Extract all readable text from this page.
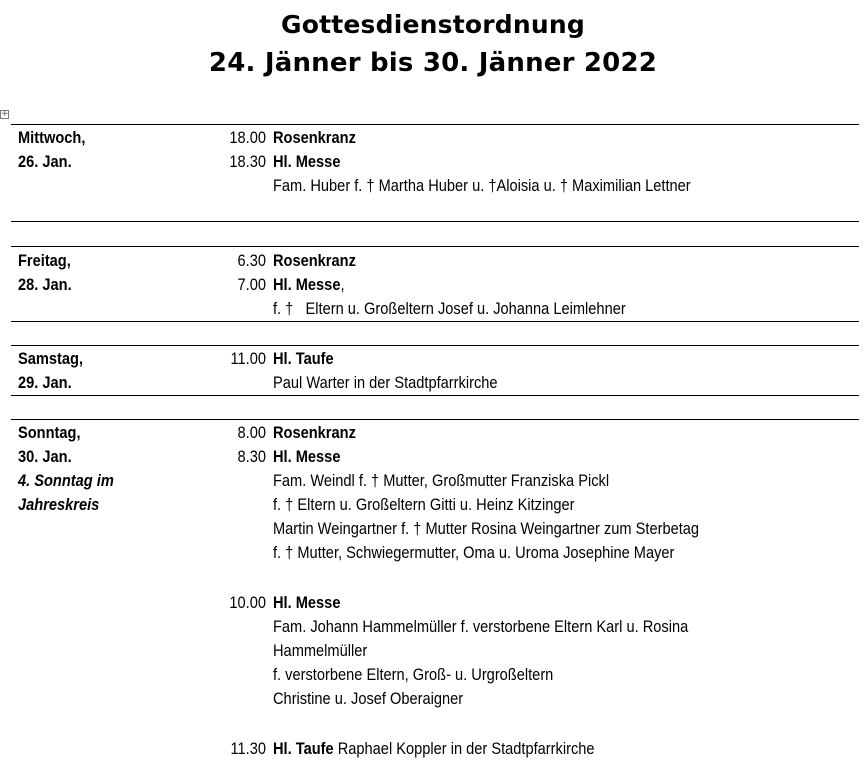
Gottesdienstordnung
24. Jänner bis 30. Jänner 2022
+
Mittwoch,
26. Jan.
18.00 Rosenkranz
18.30 Hl. Messe
Fam. Huber f. † Martha Huber u. †Aloisia u. † Maximilian Lettner
Freitag,
28. Jan.
6.30 Rosenkranz
7.00 Hl. Messe,
f. †   Eltern u. Großeltern Josef u. Johanna Leimlehner
Samstag,
29. Jan.
11.00 Hl. Taufe
Paul Warter in der Stadtpfarrkirche
Sonntag,
30. Jan.
4. Sonntag im
Jahreskreis
8.00 Rosenkranz
8.30 Hl. Messe
Fam. Weindl f. † Mutter, Großmutter Franziska Pickl
f. † Eltern u. Großeltern Gitti u. Heinz Kitzinger
Martin Weingartner f. † Mutter Rosina Weingartner zum Sterbetag
f. † Mutter, Schwiegermutter, Oma u. Uroma Josephine Mayer
10.00 Hl. Messe
Fam. Johann Hammelmüller f. verstorbene Eltern Karl u. Rosina
Hammelmüller
f. verstorbene Eltern, Groß- u. Urgroßeltern
Christine u. Josef Oberaigner
11.30 Hl. Taufe Raphael Koppler in der Stadtpfarrkirche
